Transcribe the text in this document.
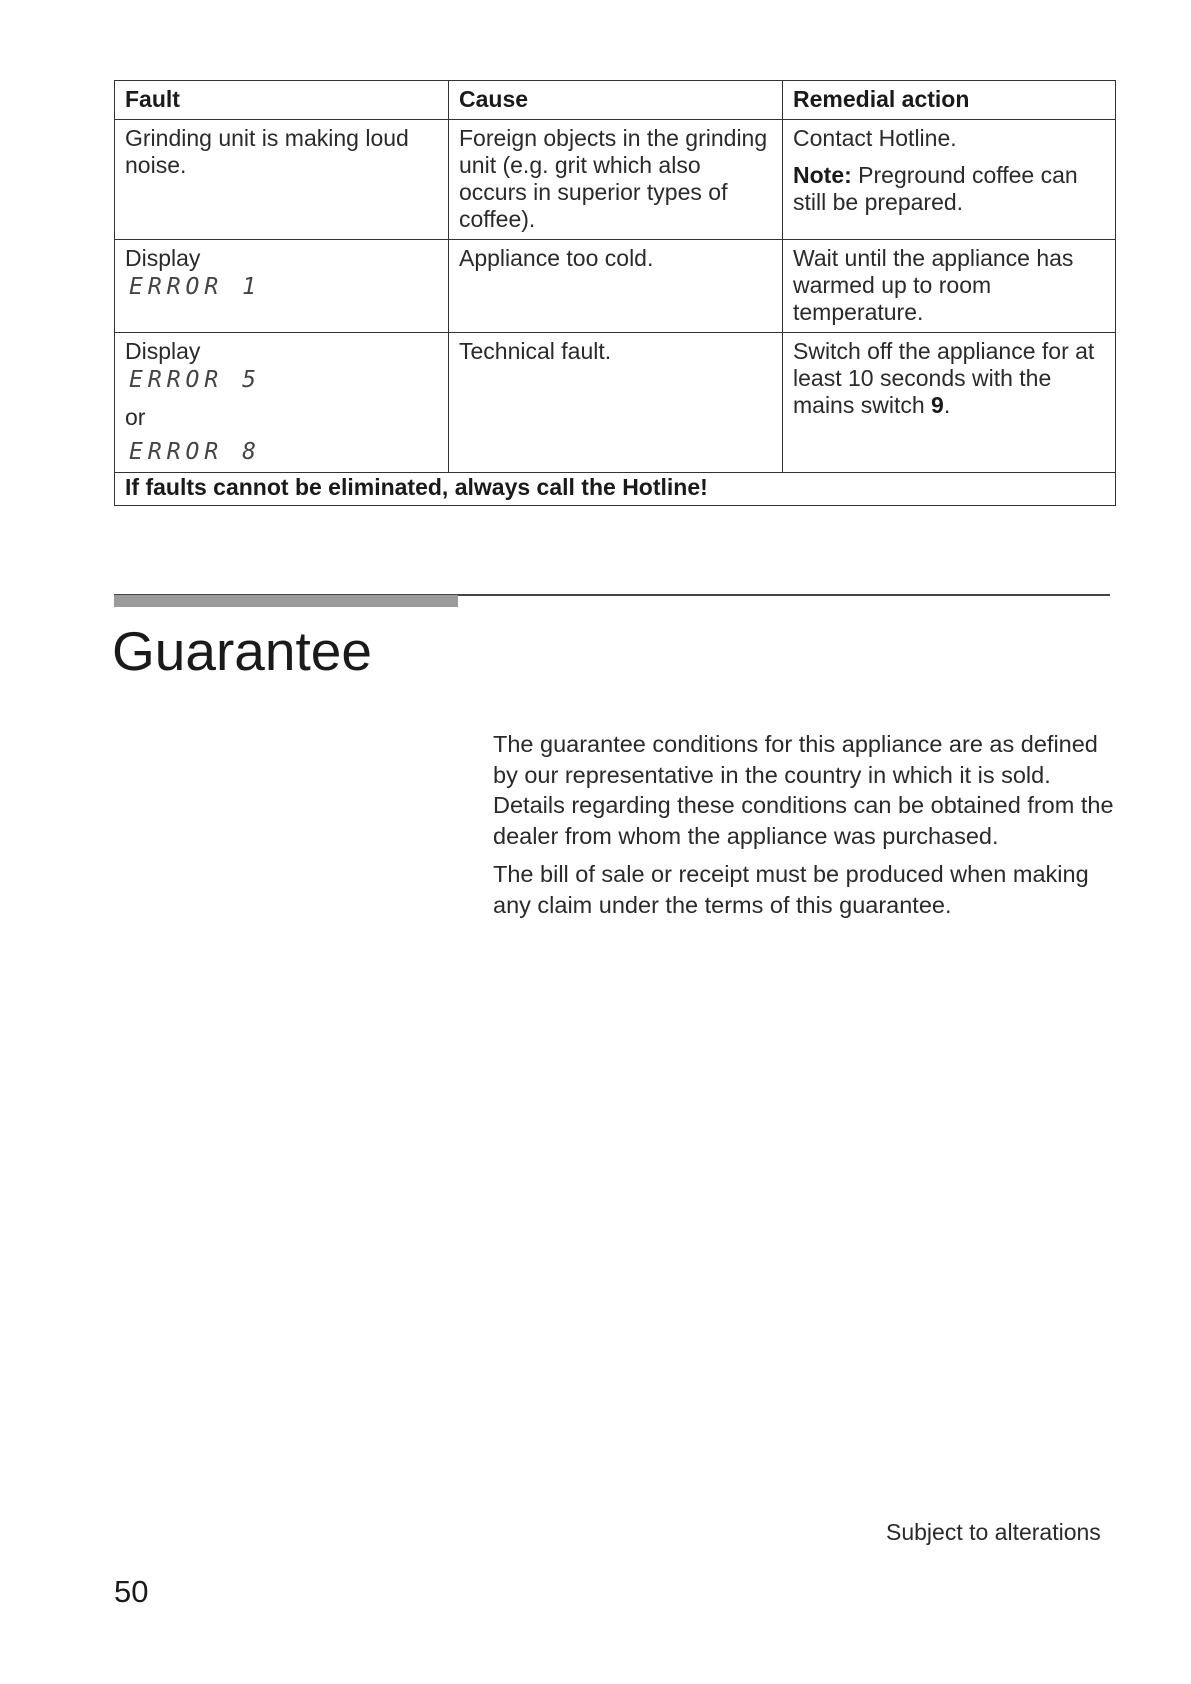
Fault	Cause	Remedial action
Grinding unit is making loud noise.	Foreign objects in the grinding unit (e.g. grit which also occurs in superior types of coffee).	Contact Hotline.
Note: Preground coffee can still be prepared.

Display
ERROR 1	Appliance too cold.	Wait until the appliance has warmed up to room temperature.
Display
ERROR 5
or
ERROR 8	Technical fault.	Switch off the appliance for at least 10 seconds with the mains switch 9.
If faults cannot be eliminated, always call the Hotline!		
Guarantee

The guarantee conditions for this appliance are as defined by our representative in the country in which it is sold. Details regarding these conditions can be obtained from the dealer from whom the appliance was purchased.

The bill of sale or receipt must be produced when making any claim under the terms of this guarantee.

Subject to alterations
50
